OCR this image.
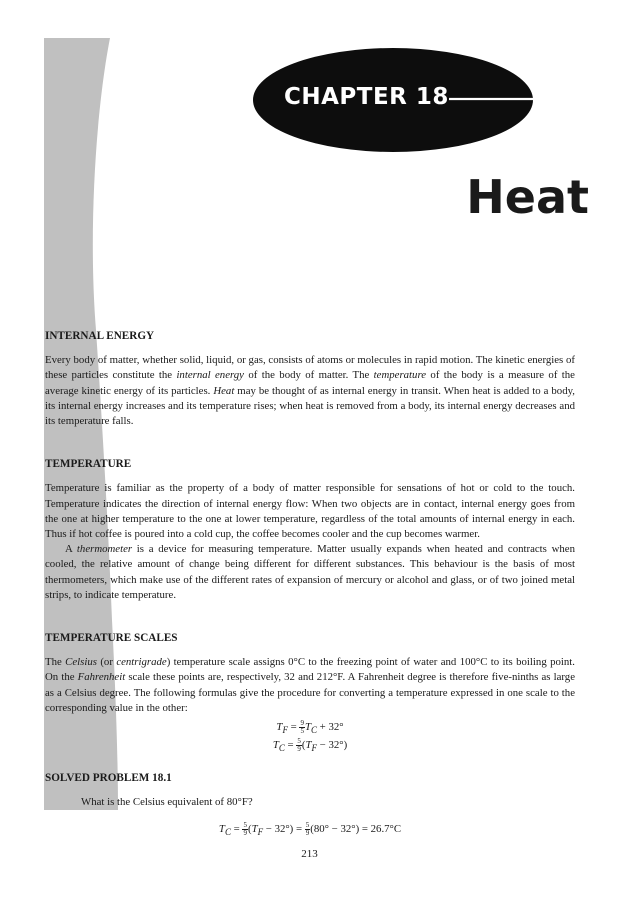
CHAPTER 18
Heat
INTERNAL ENERGY

Every body of matter, whether solid, liquid, or gas, consists of atoms or molecules in rapid motion. The kinetic energies of these particles constitute the internal energy of the body of matter. The temperature of the body is a measure of the average kinetic energy of its particles. Heat may be thought of as internal energy in transit. When heat is added to a body, its internal energy increases and its temperature rises; when heat is removed from a body, its internal energy decreases and its temperature falls.

TEMPERATURE

Temperature is familiar as the property of a body of matter responsible for sensations of hot or cold to the touch. Temperature indicates the direction of internal energy flow: When two objects are in contact, internal energy goes from the one at higher temperature to the one at lower temperature, regardless of the total amounts of internal energy in each. Thus if hot coffee is poured into a cold cup, the coffee becomes cooler and the cup becomes warmer.

A thermometer is a device for measuring temperature. Matter usually expands when heated and contracts when cooled, the relative amount of change being different for different substances. This behaviour is the basis of most thermometers, which make use of the different rates of expansion of mercury or alcohol and glass, or of two joined metal strips, to indicate temperature.

TEMPERATURE SCALES

The Celsius (or centrigrade) temperature scale assigns 0°C to the freezing point of water and 100°C to its boiling point. On the Fahrenheit scale these points are, respectively, 32 and 212°F. A Fahrenheit degree is therefore five-ninths as large as a Celsius degree. The following formulas give the procedure for converting a temperature expressed in one scale to the corresponding value in the other:

$T_F = \frac{9}{5} T_C + 32^\circ$

$T_C = \frac{5}{9} (T_F - 32^\circ)$

SOLVED PROBLEM 18.1

What is the Celsius equivalent of 80°F?

$T_C = \frac{5}{9} (T_F - 32^\circ) = \frac{5}{9} (80^\circ - 32^\circ) = 26.7^\circ C$

213
